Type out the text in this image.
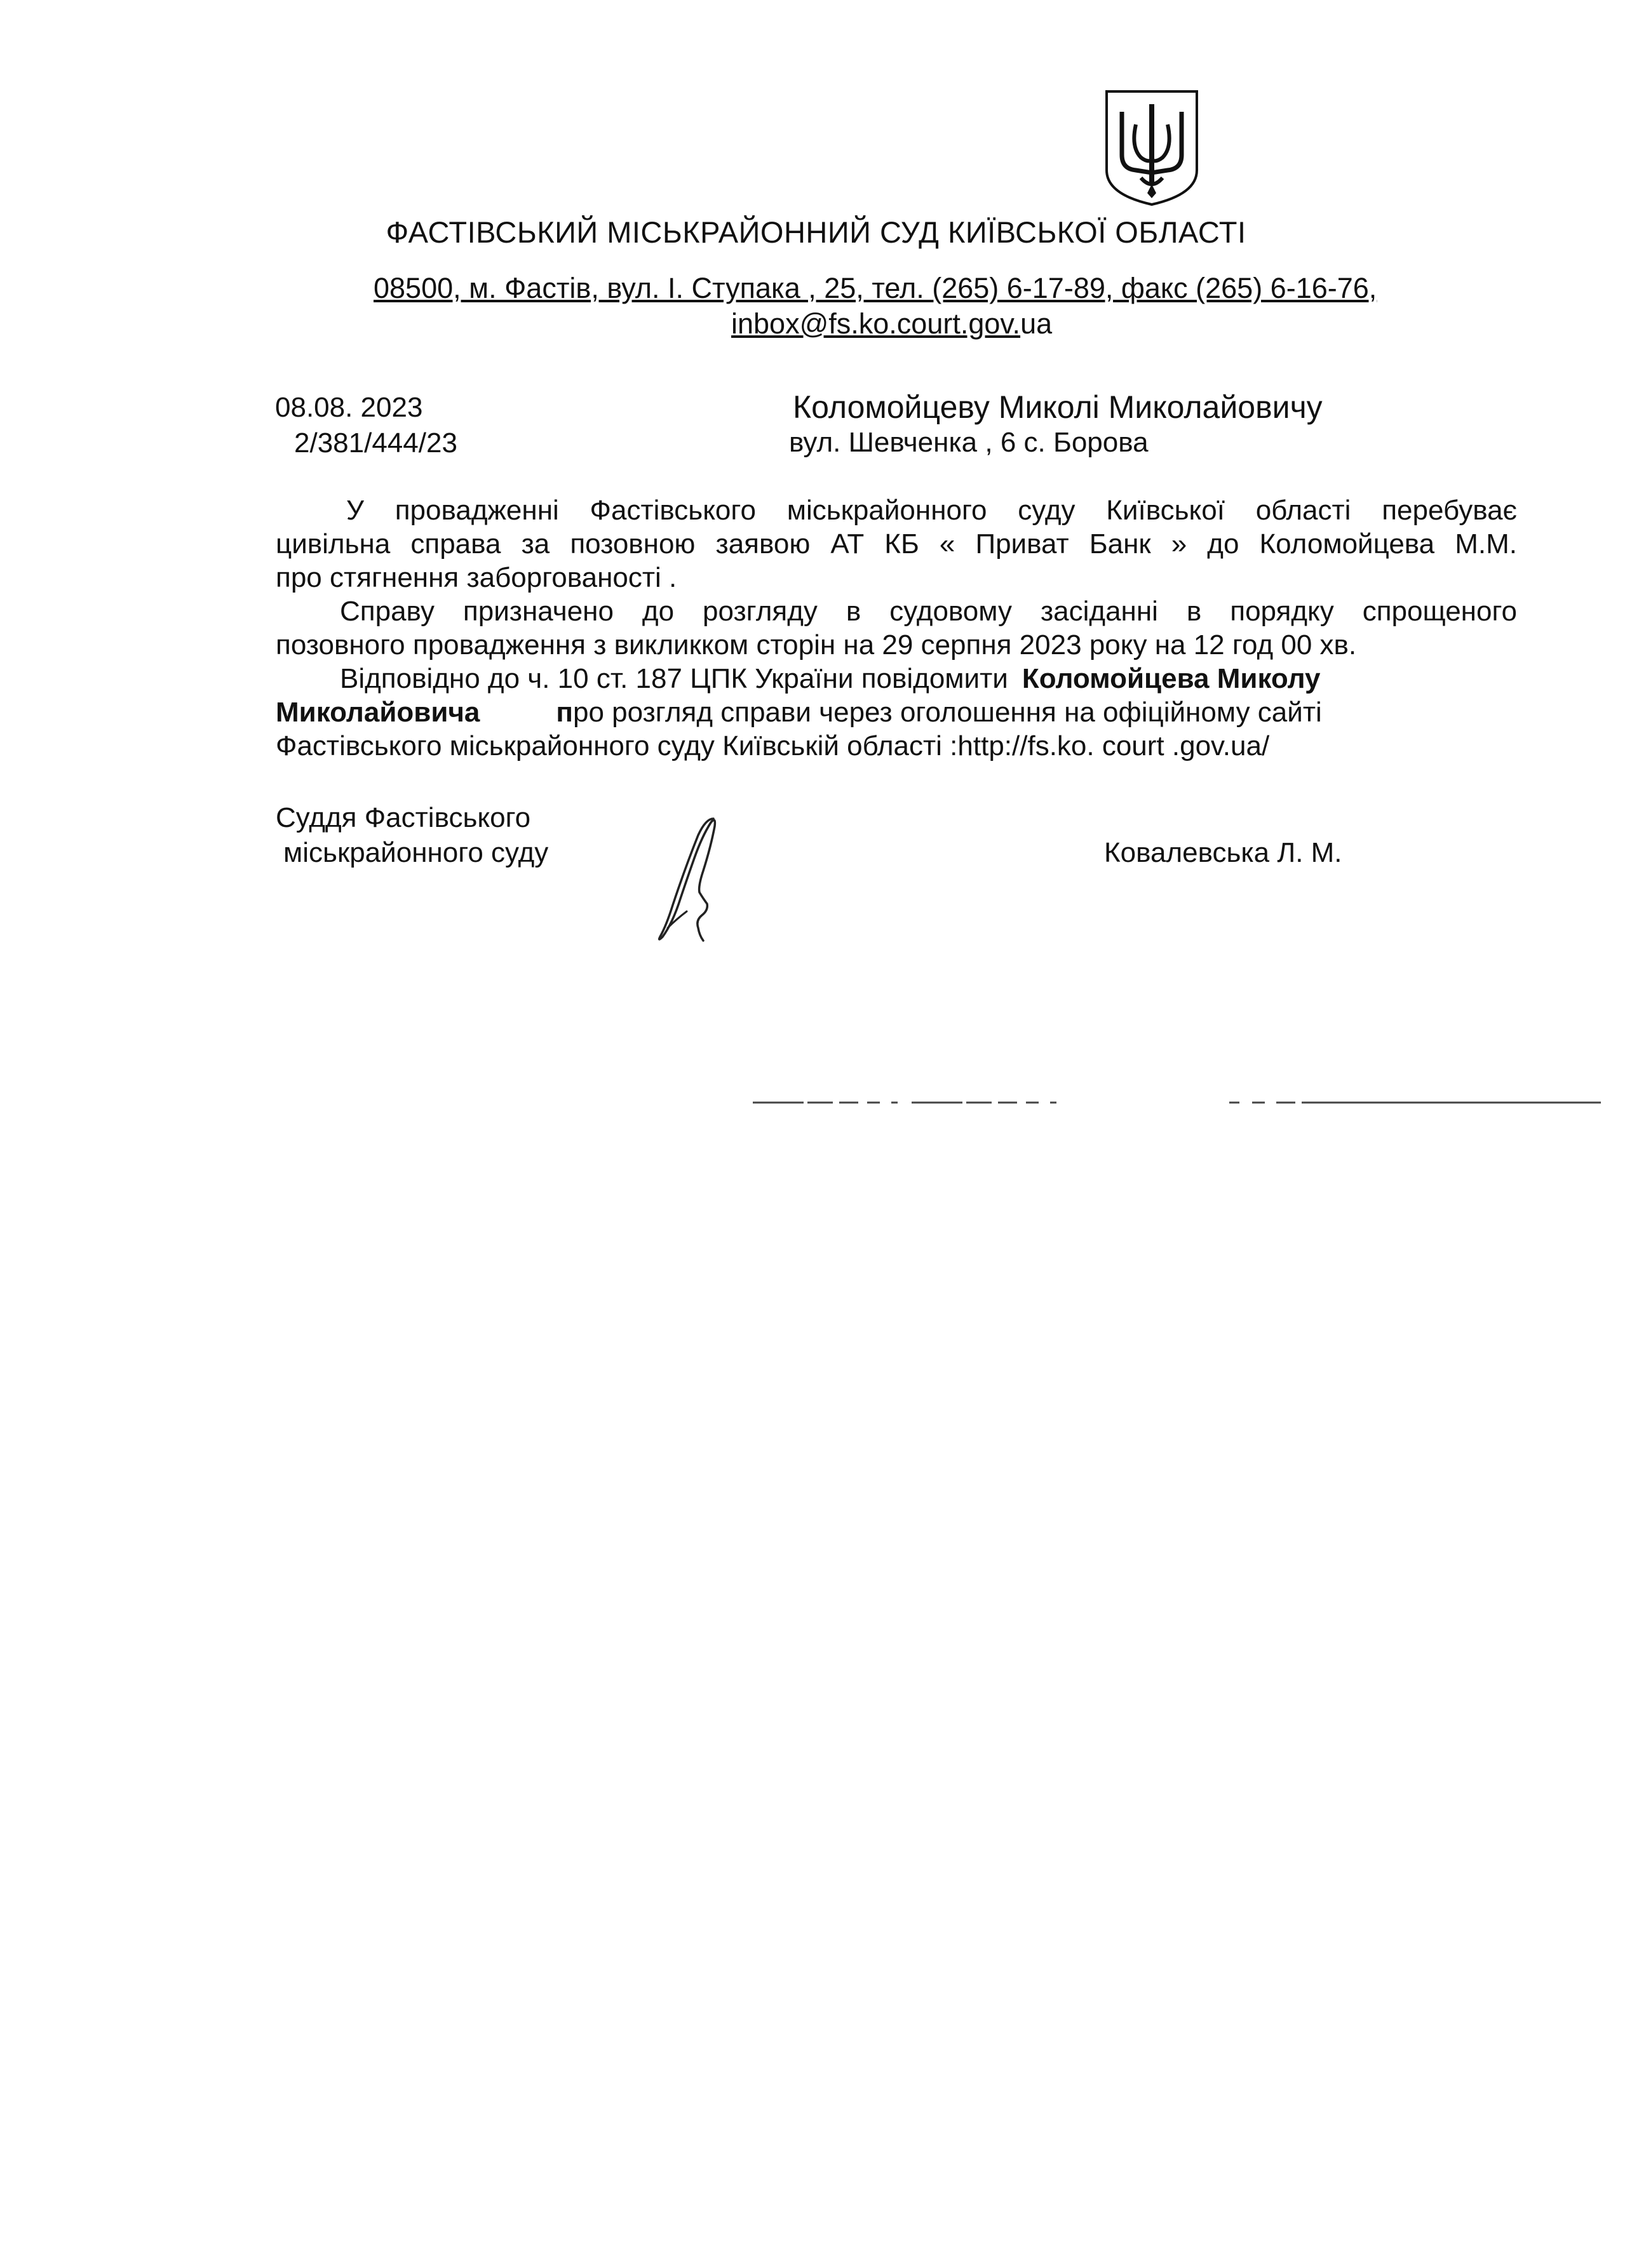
ФАСТІВСЬКИЙ МІСЬКРАЙОННИЙ СУД КИЇВСЬКОЇ ОБЛАСТІ
08500, м. Фастів, вул. І. Ступака , 25, тел. (265) 6-17-89, факс (265) 6-16-76,
inbox@fs.ko.court.gov.ua
08.08. 2023
2/381/444/23
Коломойцеву Миколі Миколайовичу
вул. Шевченка , 6 с. Борова
У провадженні Фастівського міськрайонного суду Київської області перебуває
цивільна справа за позовною заявою АТ КБ « Приват Банк » до Коломойцева М.М.
про стягнення заборгованості .
Справу призначено до розгляду в судовому засіданні в порядку спрощеного
позовного провадження з викликком сторін на 29 серпня 2023 року на 12 год 00 хв.
Відповідно до ч. 10 ст. 187 ЦПК України повідомити Коломойцева Миколу
Миколайовича	про розгляд справи через оголошення на офіційному сайті
Фастівського міськрайонного суду Київській області :http://fs.ko. court .gov.ua/
Суддя Фастівського
міськрайонного суду	Ковалевська Л. М.
